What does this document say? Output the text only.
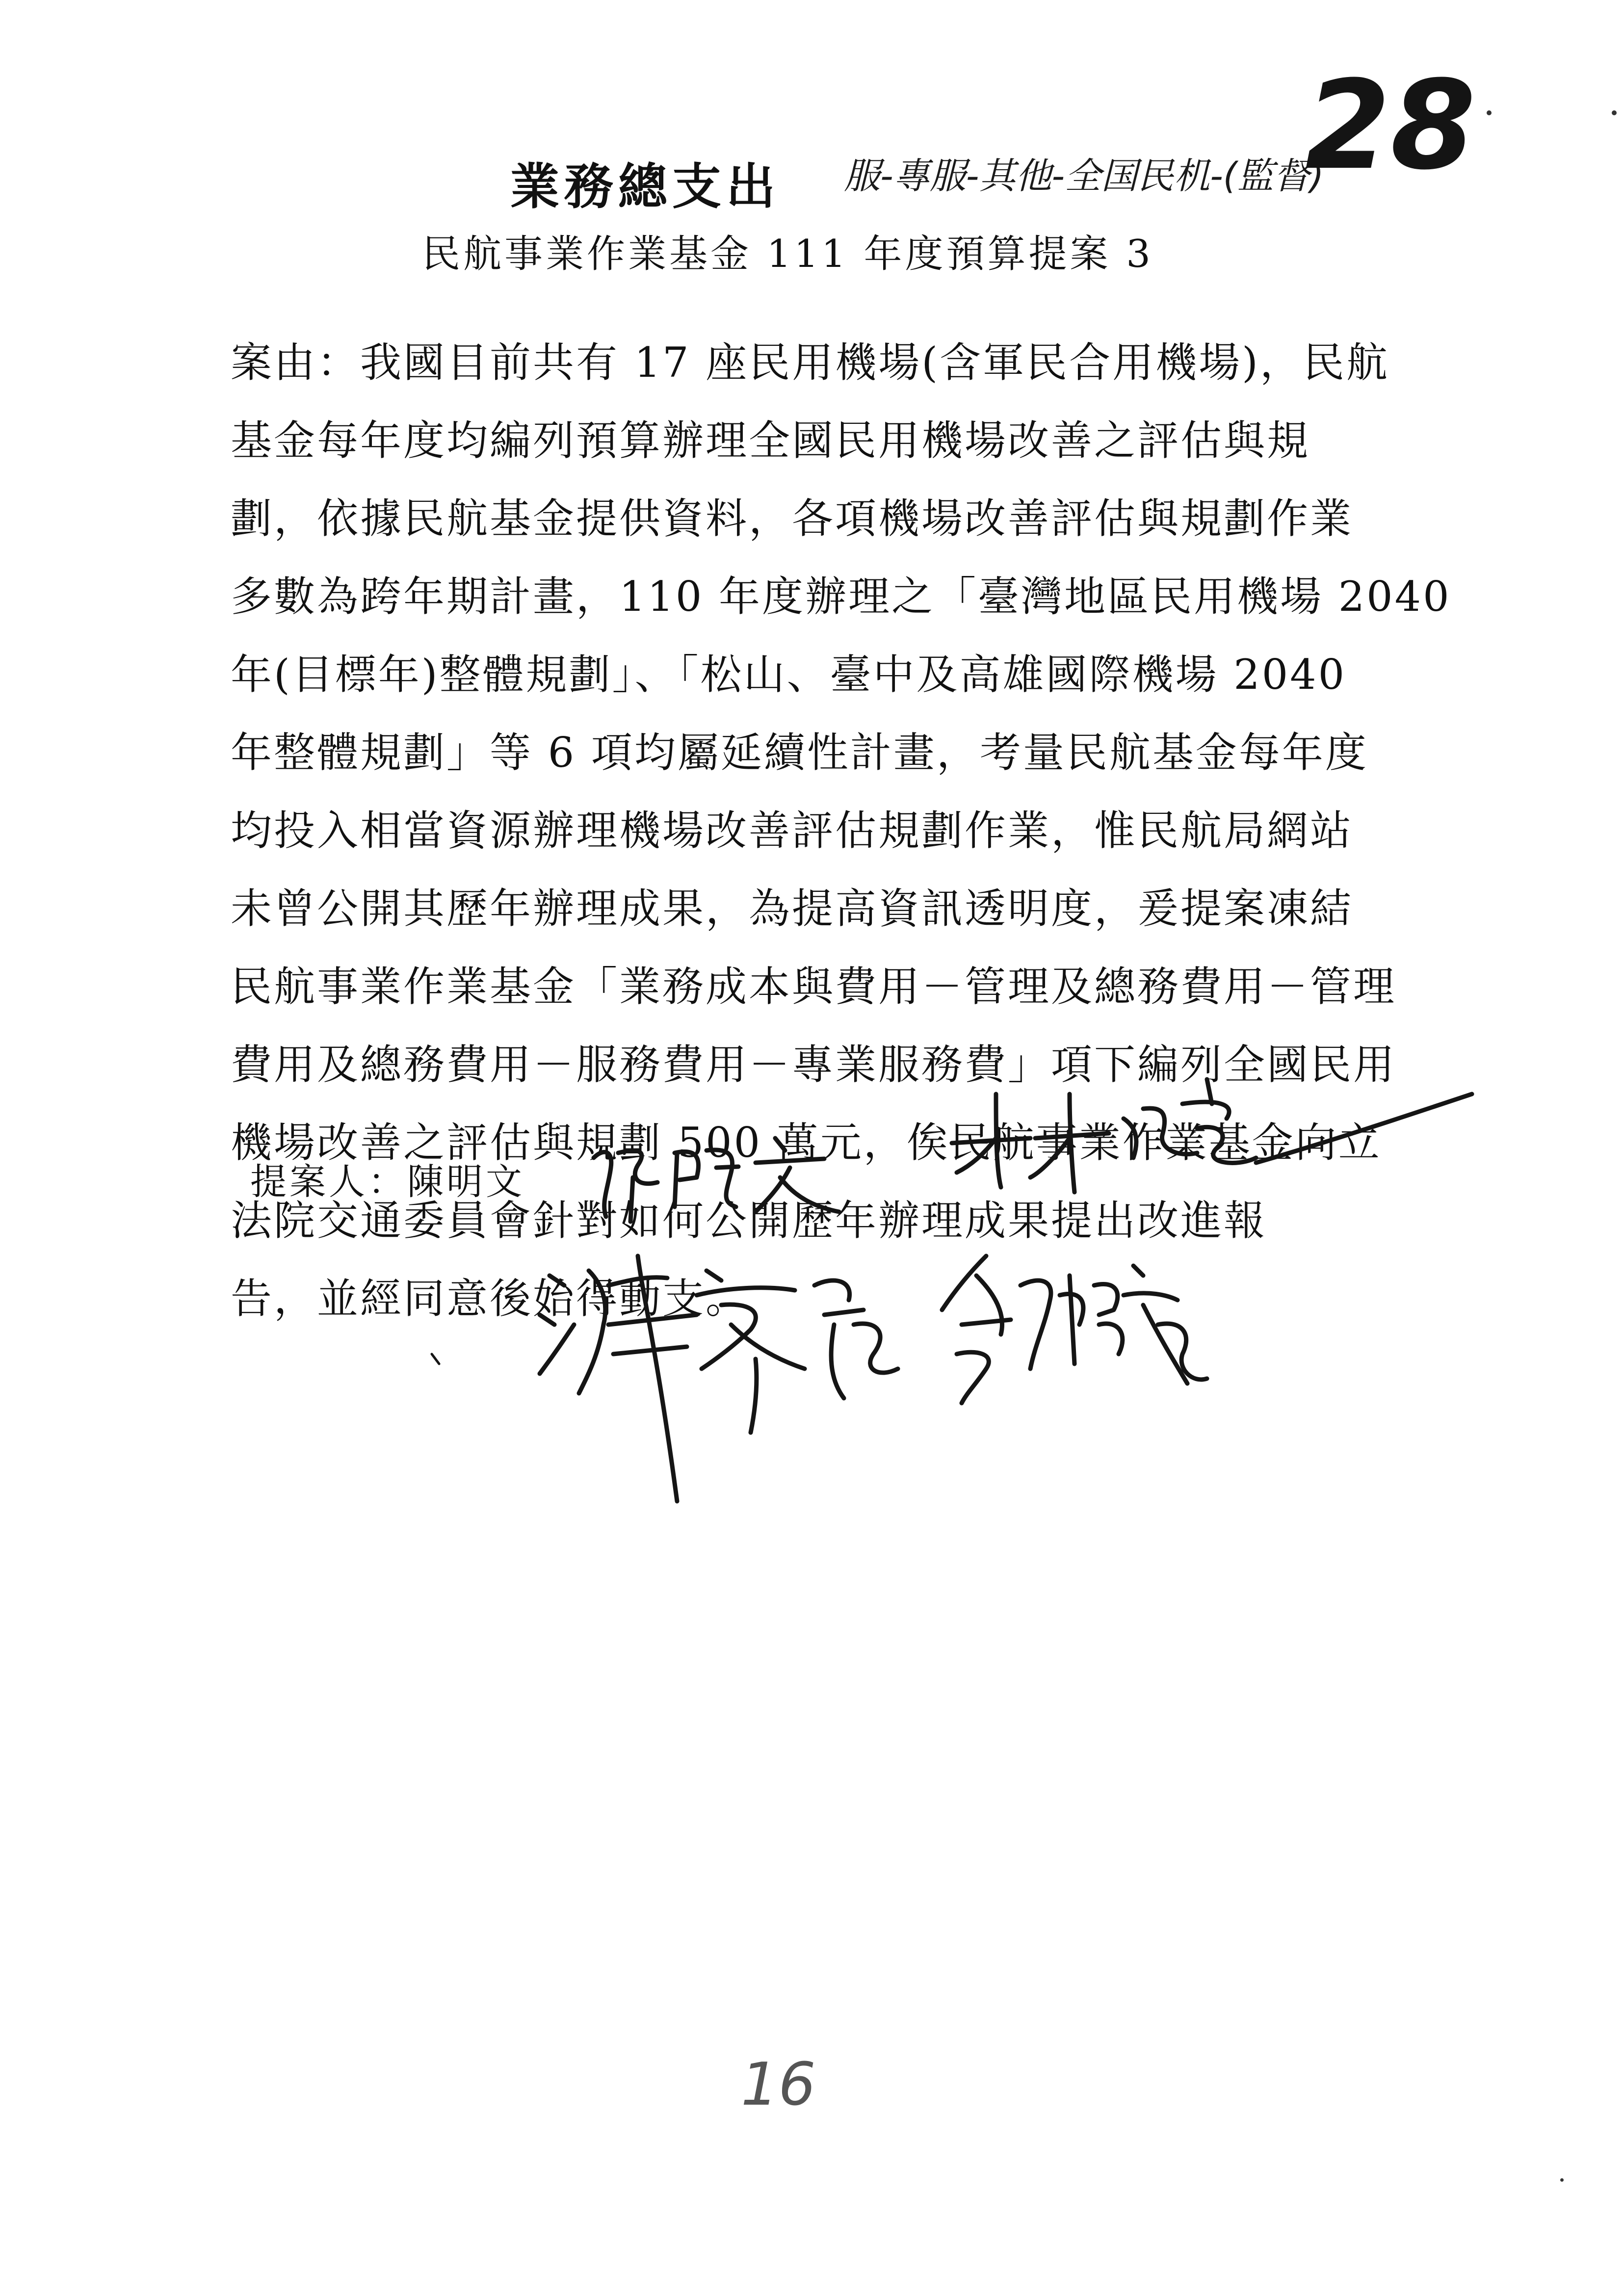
業務總支出 服-專服-其他-全国民机-(監督)
28
民航事業作業基金 111 年度預算提案 3
案由：我國目前共有 17 座民用機場(含軍民合用機場)，民航
基金每年度均編列預算辦理全國民用機場改善之評估與規
劃，依據民航基金提供資料，各項機場改善評估與規劃作業
多數為跨年期計畫，110 年度辦理之「臺灣地區民用機場 2040
年(目標年)整體規劃」、「松山、臺中及高雄國際機場 2040
年整體規劃」等 6 項均屬延續性計畫，考量民航基金每年度
均投入相當資源辦理機場改善評估規劃作業，惟民航局網站
未曾公開其歷年辦理成果，為提高資訊透明度，爰提案凍結
民航事業作業基金「業務成本與費用－管理及總務費用－管理
費用及總務費用－服務費用－專業服務費」項下編列全國民用
機場改善之評估與規劃 500 萬元，俟民航事業作業基金向立
法院交通委員會針對如何公開歷年辦理成果提出改進報
告，並經同意後始得動支。
提案人：陳明文
16
